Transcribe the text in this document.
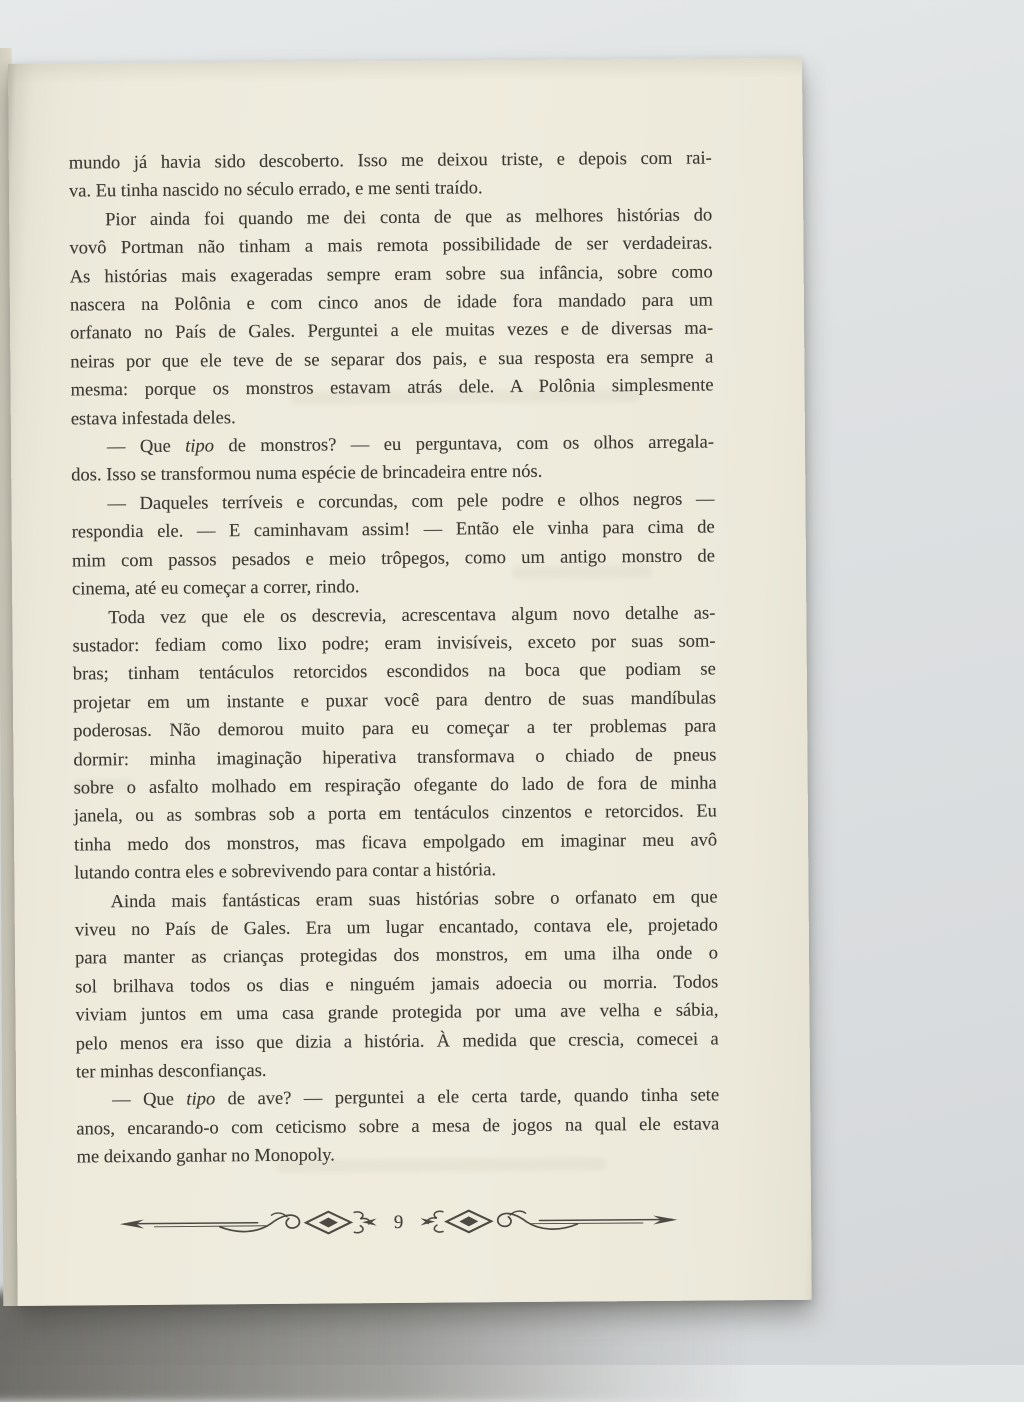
mundo já havia sido descoberto. Isso me deixou triste, e depois com rai-
va. Eu tinha nascido no século errado, e me senti traído.
Pior ainda foi quando me dei conta de que as melhores histórias do
vovô Portman não tinham a mais remota possibilidade de ser verdadeiras.
As histórias mais exageradas sempre eram sobre sua infância, sobre como
nascera na Polônia e com cinco anos de idade fora mandado para um
orfanato no País de Gales. Perguntei a ele muitas vezes e de diversas ma-
neiras por que ele teve de se separar dos pais, e sua resposta era sempre a
mesma: porque os monstros estavam atrás dele. A Polônia simplesmente
estava infestada deles.
— Que tipo de monstros? — eu perguntava, com os olhos arregala-
dos. Isso se transformou numa espécie de brincadeira entre nós.
— Daqueles terríveis e corcundas, com pele podre e olhos negros —
respondia ele. — E caminhavam assim! — Então ele vinha para cima de
mim com passos pesados e meio trôpegos, como um antigo monstro de
cinema, até eu começar a correr, rindo.
Toda vez que ele os descrevia, acrescentava algum novo detalhe as-
sustador: fediam como lixo podre; eram invisíveis, exceto por suas som-
bras; tinham tentáculos retorcidos escondidos na boca que podiam se
projetar em um instante e puxar você para dentro de suas mandíbulas
poderosas. Não demorou muito para eu começar a ter problemas para
dormir: minha imaginação hiperativa transformava o chiado de pneus
sobre o asfalto molhado em respiração ofegante do lado de fora de minha
janela, ou as sombras sob a porta em tentáculos cinzentos e retorcidos. Eu
tinha medo dos monstros, mas ficava empolgado em imaginar meu avô
lutando contra eles e sobrevivendo para contar a história.
Ainda mais fantásticas eram suas histórias sobre o orfanato em que
viveu no País de Gales. Era um lugar encantado, contava ele, projetado
para manter as crianças protegidas dos monstros, em uma ilha onde o
sol brilhava todos os dias e ninguém jamais adoecia ou morria. Todos
viviam juntos em uma casa grande protegida por uma ave velha e sábia,
pelo menos era isso que dizia a história. À medida que crescia, comecei a
ter minhas desconfianças.
— Que tipo de ave? — perguntei a ele certa tarde, quando tinha sete
anos, encarando-o com ceticismo sobre a mesa de jogos na qual ele estava
me deixando ganhar no Monopoly.
9
